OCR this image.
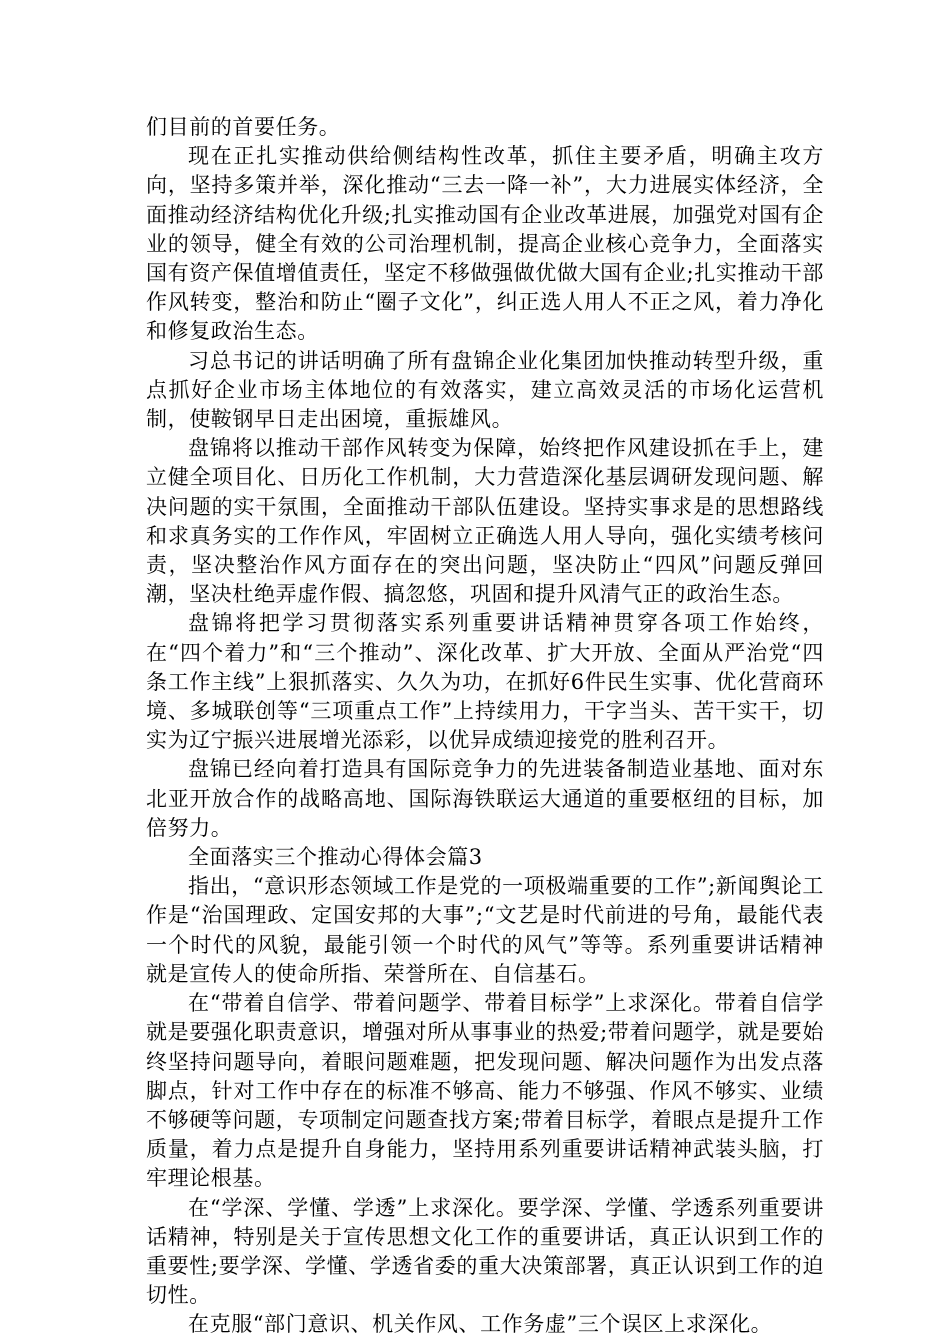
们目前的首要任务。

现在正扎实推动供给侧结构性改革，抓住主要矛盾，明确主攻方向，坚持多策并举，深化推动“三去一降一补”，大力进展实体经济，全面推动经济结构优化升级;扎实推动国有企业改革进展，加强党对国有企业的领导，健全有效的公司治理机制，提高企业核心竞争力，全面落实国有资产保值增值责任，坚定不移做强做优做大国有企业;扎实推动干部作风转变，整治和防止“圈子文化”，纠正选人用人不正之风，着力净化和修复政治生态。

习总书记的讲话明确了所有盘锦企业化集团加快推动转型升级，重点抓好企业市场主体地位的有效落实，建立高效灵活的市场化运营机制，使鞍钢早日走出困境，重振雄风。

盘锦将以推动干部作风转变为保障，始终把作风建设抓在手上，建立健全项目化、日历化工作机制，大力营造深化基层调研发现问题、解决问题的实干氛围，全面推动干部队伍建设。坚持实事求是的思想路线和求真务实的工作作风，牢固树立正确选人用人导向，强化实绩考核问责，坚决整治作风方面存在的突出问题，坚决防止“四风”问题反弹回潮，坚决杜绝弄虚作假、搞忽悠，巩固和提升风清气正的政治生态。

盘锦将把学习贯彻落实系列重要讲话精神贯穿各项工作始终，在“四个着力”和“三个推动”、深化改革、扩大开放、全面从严治党“四条工作主线”上狠抓落实、久久为功，在抓好6件民生实事、优化营商环境、多城联创等“三项重点工作”上持续用力，干字当头、苦干实干，切实为辽宁振兴进展增光添彩，以优异成绩迎接党的胜利召开。

盘锦已经向着打造具有国际竞争力的先进装备制造业基地、面对东北亚开放合作的战略高地、国际海铁联运大通道的重要枢纽的目标，加倍努力。

全面落实三个推动心得体会篇3

指出，“意识形态领域工作是党的一项极端重要的工作”;新闻舆论工作是“治国理政、定国安邦的大事”;“文艺是时代前进的号角，最能代表一个时代的风貌，最能引领一个时代的风气”等等。系列重要讲话精神就是宣传人的使命所指、荣誉所在、自信基石。

在“带着自信学、带着问题学、带着目标学”上求深化。带着自信学就是要强化职责意识，增强对所从事事业的热爱;带着问题学，就是要始终坚持问题导向，着眼问题难题，把发现问题、解决问题作为出发点落脚点，针对工作中存在的标准不够高、能力不够强、作风不够实、业绩不够硬等问题，专项制定问题查找方案;带着目标学，着眼点是提升工作质量，着力点是提升自身能力，坚持用系列重要讲话精神武装头脑，打牢理论根基。

在“学深、学懂、学透”上求深化。要学深、学懂、学透系列重要讲话精神，特别是关于宣传思想文化工作的重要讲话，真正认识到工作的重要性;要学深、学懂、学透省委的重大决策部署，真正认识到工作的迫切性。

在克服“部门意识、机关作风、工作务虚”三个误区上求深化。
